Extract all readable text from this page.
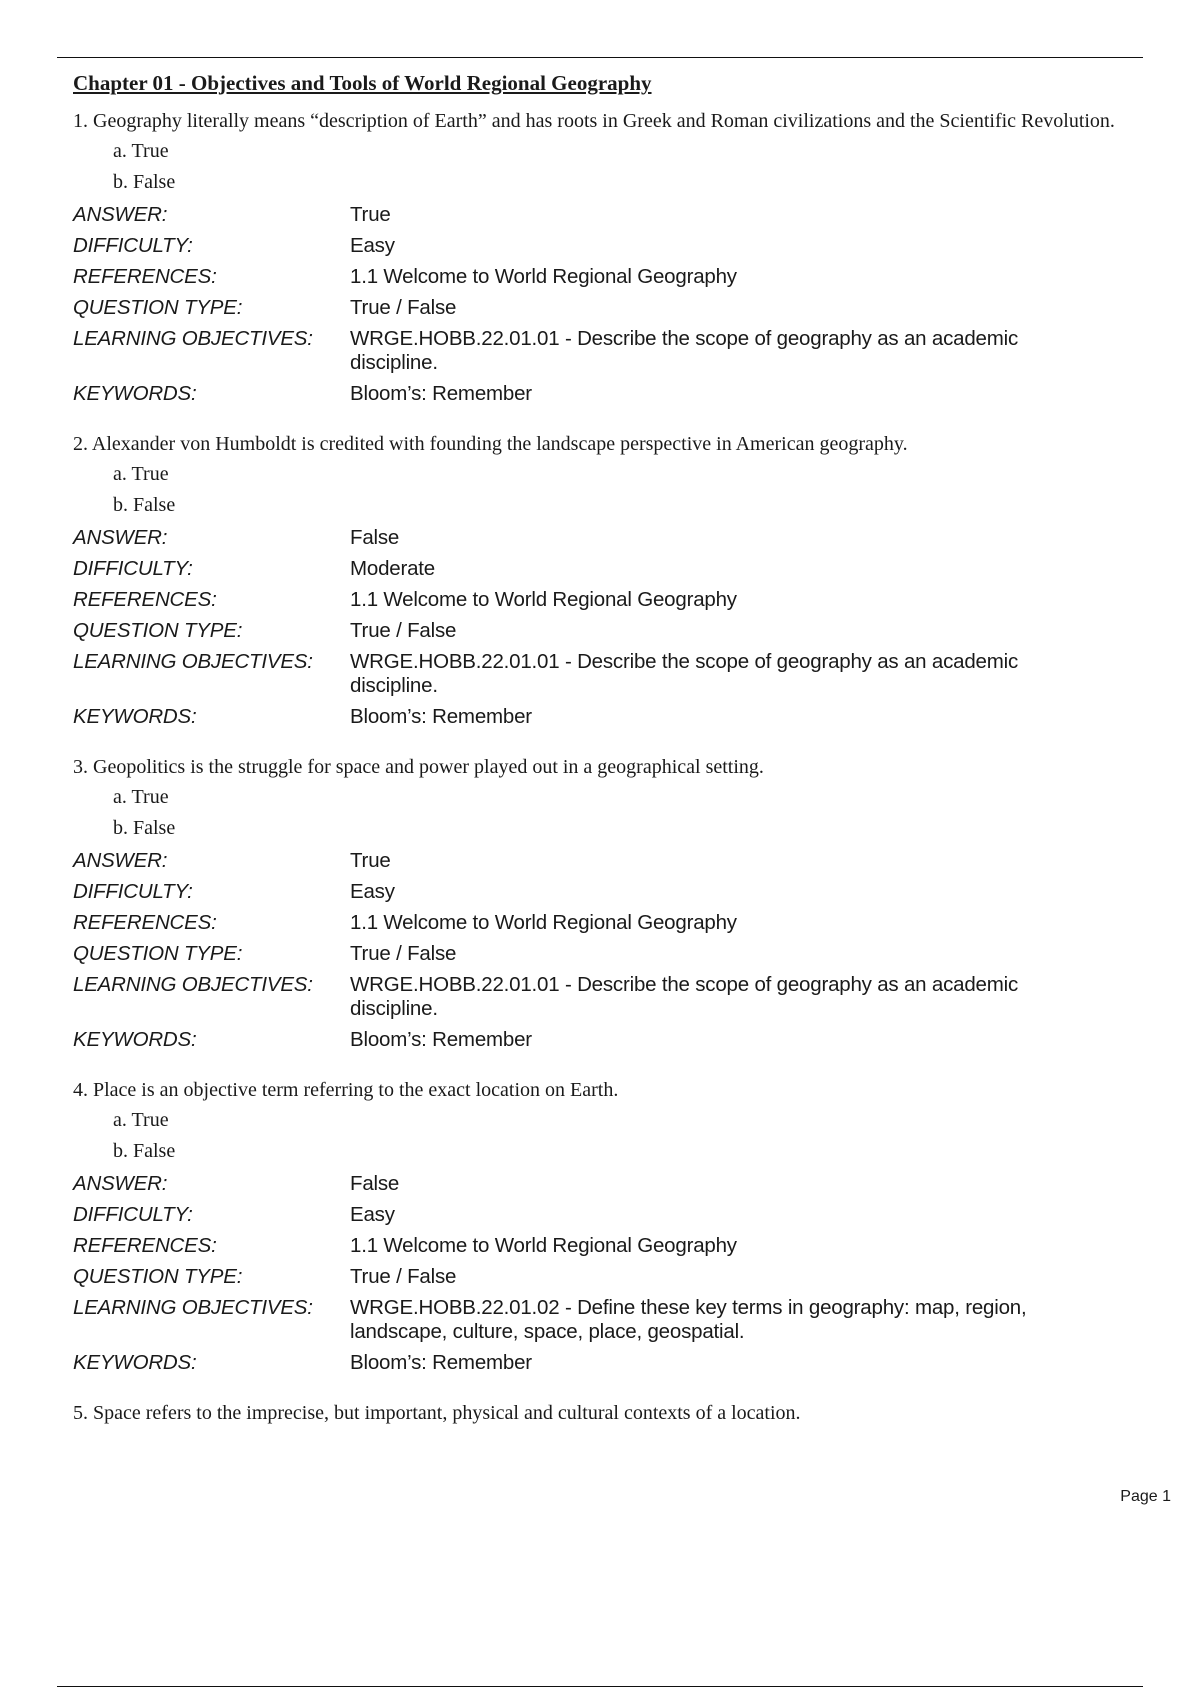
Chapter 01 - Objectives and Tools of World Regional Geography

1. Geography literally means “description of Earth” and has roots in Greek and Roman civilizations and the Scientific Revolution.

a. True
b. False
ANSWER:	True
DIFFICULTY:	Easy
REFERENCES:	1.1 Welcome to World Regional Geography
QUESTION TYPE:	True / False
LEARNING OBJECTIVES:	WRGE.HOBB.22.01.01 - Describe the scope of geography as an academic discipline.
KEYWORDS:	Bloom’s: Remember

2. Alexander von Humboldt is credited with founding the landscape perspective in American geography.

a. True
b. False
ANSWER:	False
DIFFICULTY:	Moderate
REFERENCES:	1.1 Welcome to World Regional Geography
QUESTION TYPE:	True / False
LEARNING OBJECTIVES:	WRGE.HOBB.22.01.01 - Describe the scope of geography as an academic discipline.
KEYWORDS:	Bloom’s: Remember

3. Geopolitics is the struggle for space and power played out in a geographical setting.

a. True
b. False
ANSWER:	True
DIFFICULTY:	Easy
REFERENCES:	1.1 Welcome to World Regional Geography
QUESTION TYPE:	True / False
LEARNING OBJECTIVES:	WRGE.HOBB.22.01.01 - Describe the scope of geography as an academic discipline.
KEYWORDS:	Bloom’s: Remember

4. Place is an objective term referring to the exact location on Earth.

a. True
b. False
ANSWER:	False
DIFFICULTY:	Easy
REFERENCES:	1.1 Welcome to World Regional Geography
QUESTION TYPE:	True / False
LEARNING OBJECTIVES:	WRGE.HOBB.22.01.02 - Define these key terms in geography: map, region, landscape, culture, space, place, geospatial.
KEYWORDS:	Bloom’s: Remember

5. Space refers to the imprecise, but important, physical and cultural contexts of a location.

Page 1
